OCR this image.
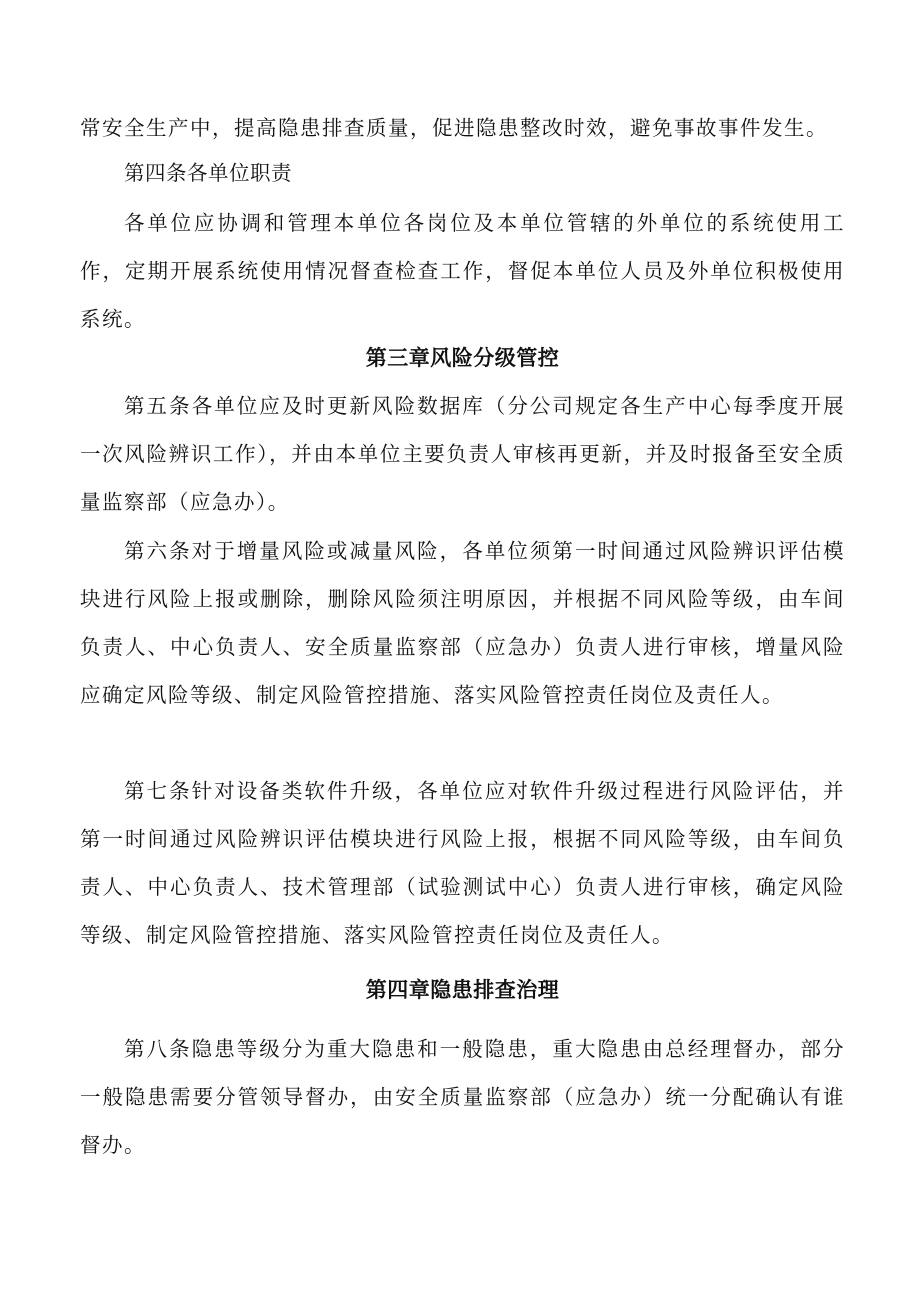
常安全生产中，提高隐患排查质量，促进隐患整改时效，避免事故事件发生。

第四条各单位职责

各单位应协调和管理本单位各岗位及本单位管辖的外单位的系统使用工作，定期开展系统使用情况督查检查工作，督促本单位人员及外单位积极使用系统。

第三章风险分级管控

第五条各单位应及时更新风险数据库（分公司规定各生产中心每季度开展一次风险辨识工作），并由本单位主要负责人审核再更新，并及时报备至安全质量监察部（应急办）。

第六条对于增量风险或减量风险，各单位须第一时间通过风险辨识评估模块进行风险上报或删除，删除风险须注明原因，并根据不同风险等级，由车间负责人、中心负责人、安全质量监察部（应急办）负责人进行审核，增量风险应确定风险等级、制定风险管控措施、落实风险管控责任岗位及责任人。

第七条针对设备类软件升级，各单位应对软件升级过程进行风险评估，并第一时间通过风险辨识评估模块进行风险上报，根据不同风险等级，由车间负责人、中心负责人、技术管理部（试验测试中心）负责人进行审核，确定风险等级、制定风险管控措施、落实风险管控责任岗位及责任人。

第四章隐患排查治理

第八条隐患等级分为重大隐患和一般隐患，重大隐患由总经理督办，部分一般隐患需要分管领导督办，由安全质量监察部（应急办）统一分配确认有谁督办。
